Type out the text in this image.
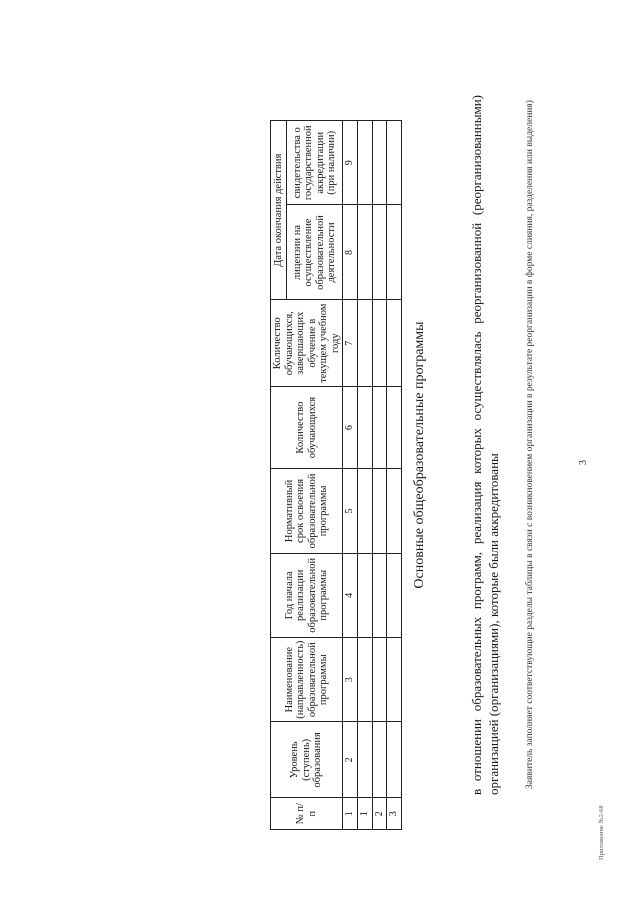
3
в отношении образовательных программ, реализация которых осуществлялась реорганизованной (реорганизованными) организацией (организациями), которые были аккредитованы	Заявитель заполняет соответствующие разделы таблицы в связи с возникновением организации в результате реорганизации в форме слияния, разделения или выделения)
Основные общеобразовательные программы
№ п/п	Уровень (ступень) образования	Наименование (направленность) образовательной программы	Год начала реализации образовательной программы	Нормативный срок освоения образовательной программы	Количество обучающихся	Количество обучающихся, завершающих обучение в текущем учебном году	Дата окончания действия	
							лицензии на осуществление образовательной деятельности	свидетельства о государственной аккредитации (при наличии)
1	2	3	4	5	6	7	8	9
1								
2								
3									Приложение №2-68
